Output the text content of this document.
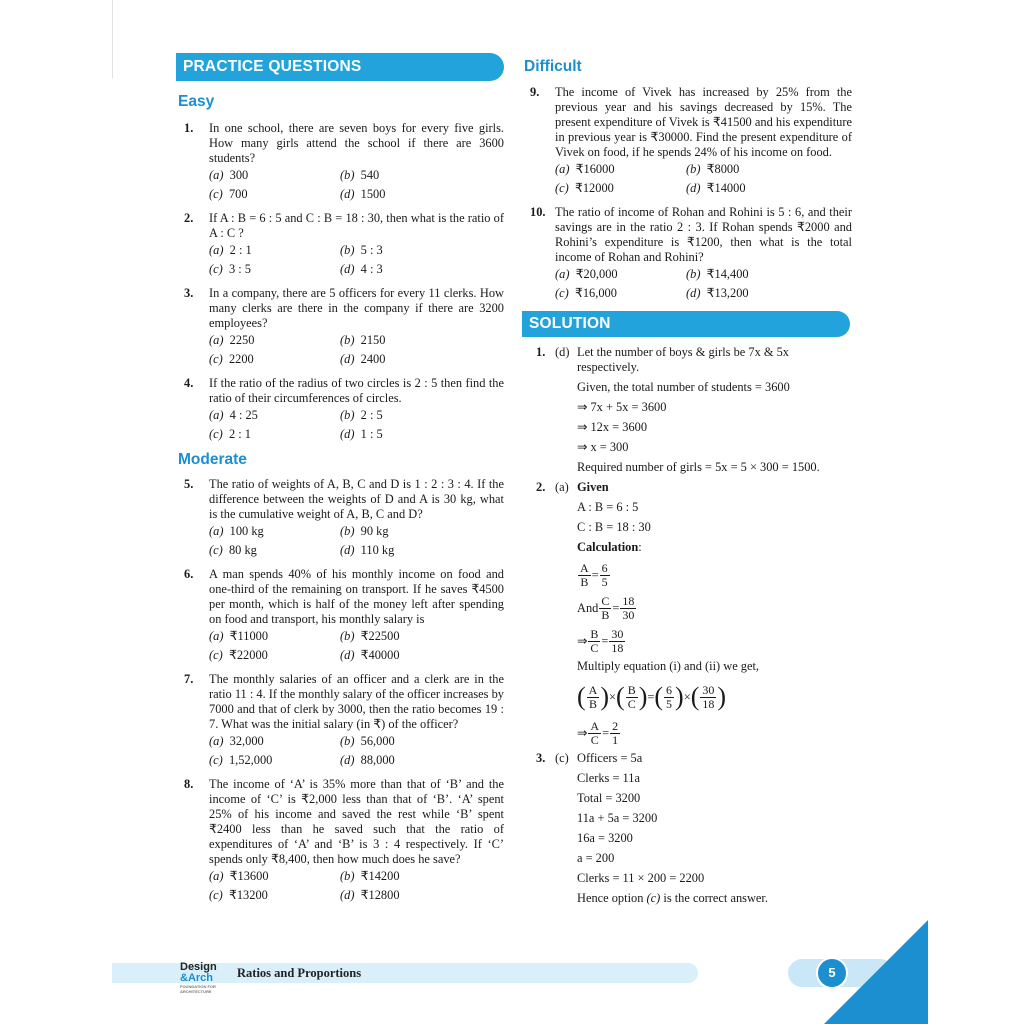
PRACTICE QUESTIONS
Easy
1. In one school, there are seven boys for every five girls. How many girls attend the school if there are 3600 students?
(a) 300	(b) 540
(c) 700	(d) 1500
2. If A : B = 6 : 5 and C : B = 18 : 30, then what is the ratio of A : C ?
(a) 2 : 1	(b) 5 : 3
(c) 3 : 5	(d) 4 : 3
3. In a company, there are 5 officers for every 11 clerks. How many clerks are there in the company if there are 3200 employees?
(a) 2250	(b) 2150
(c) 2200	(d) 2400
4. If the ratio of the radius of two circles is 2 : 5 then find the ratio of their circumferences of circles.
(a) 4 : 25	(b) 2 : 5
(c) 2 : 1	(d) 1 : 5
Moderate
5. The ratio of weights of A, B, C and D is 1 : 2 : 3 : 4. If the difference between the weights of D and A is 30 kg, what is the cumulative weight of A, B, C and D?
(a) 100 kg	(b) 90 kg
(c) 80 kg	(d) 110 kg
6. A man spends 40% of his monthly income on food and one-third of the remaining on transport. If he saves ₹4500 per month, which is half of the money left after spending on food and transport, his monthly salary is
(a) ₹11000	(b) ₹22500
(c) ₹22000	(d) ₹40000
7. The monthly salaries of an officer and a clerk are in the ratio 11 : 4. If the monthly salary of the officer increases by 7000 and that of clerk by 3000, then the ratio becomes 19 : 7. What was the initial salary (in ₹) of the officer?
(a) 32,000	(b) 56,000
(c) 1,52,000	(d) 88,000
8. The income of ‘A’ is 35% more than that of ‘B’ and the income of ‘C’ is ₹2,000 less than that of ‘B’. ‘A’ spent 25% of his income and saved the rest while ‘B’ spent ₹2400 less than he saved such that the ratio of expenditures of ‘A’ and ‘B’ is 3 : 4 respectively. If ‘C’ spends only ₹8,400, then how much does he save?
(a) ₹13600	(b) ₹14200
(c) ₹13200	(d) ₹12800
Difficult
9. The income of Vivek has increased by 25% from the previous year and his savings decreased by 15%. The present expenditure of Vivek is ₹41500 and his expenditure in previous year is ₹30000. Find the present expenditure of Vivek on food, if he spends 24% of his income on food.
(a) ₹16000	(b) ₹8000
(c) ₹12000	(d) ₹14000
10. The ratio of income of Rohan and Rohini is 5 : 6, and their savings are in the ratio 2 : 3. If Rohan spends ₹2000 and Rohini’s expenditure is ₹1200, then what is the total income of Rohan and Rohini?
(a) ₹20,000	(b) ₹14,400
(c) ₹16,000	(d) ₹13,200
SOLUTION
1. (d) Let the number of boys & girls be 7x & 5x respectively.
Given, the total number of students = 3600
⇒ 7x + 5x = 3600
⇒ 12x = 3600
⇒ x = 300
Required number of girls = 5x = 5 × 300 = 1500.
2. (a) Given
A : B = 6 : 5
C : B = 18 : 30
Calculation:
$\frac{A}{B} = \frac{6}{5}$
And $\frac{C}{B} = \frac{18}{30}$
⇒ $\frac{B}{C} = \frac{30}{18}$
Multiply equation (i) and (ii) we get,
( $\frac{A}{B}$ ) × ( $\frac{B}{C}$ ) = ( $\frac{6}{5}$ ) × ( $\frac{30}{18}$ )
⇒ $\frac{A}{C} = \frac{2}{1}$
3. (c) Officers = 5a
Clerks = 11a
Total = 3200
11a + 5a = 3200
16a = 3200
a = 200
Clerks = 11 × 200 = 2200
Hence option (c) is the correct answer.
Design
&Arch
FOUNDATION FOR ARCHITECTURE
Ratios and Proportions	5
